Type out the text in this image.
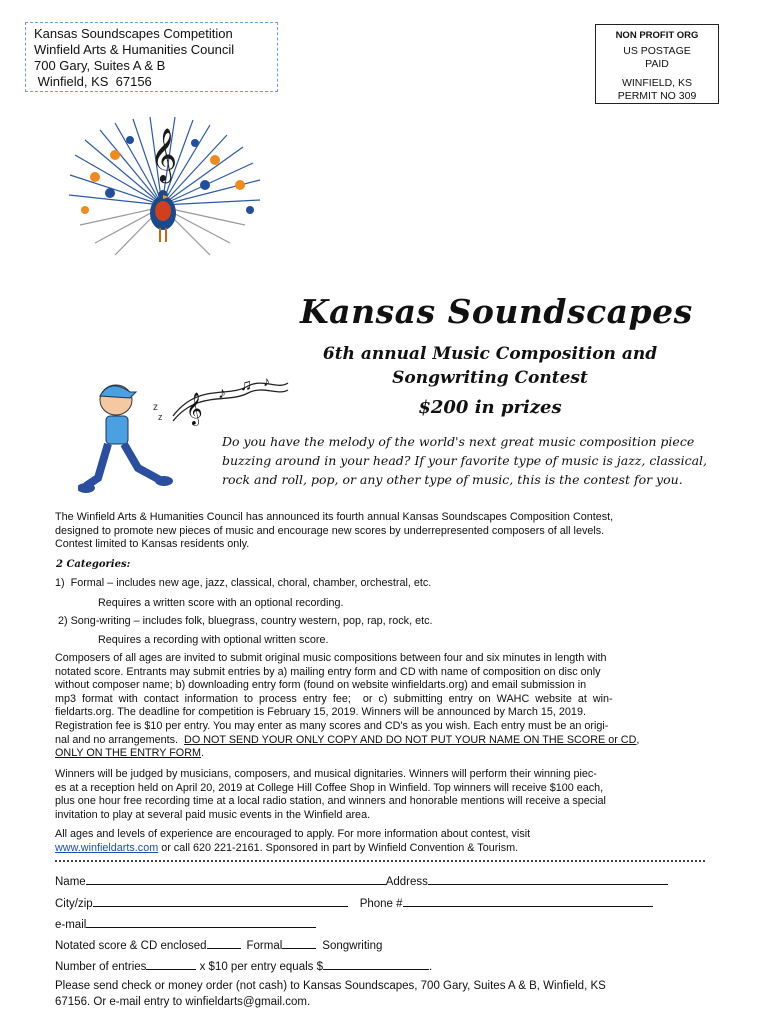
Kansas Soundscapes Competition
Winfield Arts & Humanities Council
700 Gary, Suites A & B
Winfield, KS  67156
NON PROFIT ORG
US POSTAGE
PAID
WINFIELD, KS
PERMIT NO 309
𝄞
Kansas Soundscapes
6th annual Music Composition and
Songwriting Contest
$200 in prizes
𝄞 ♪ ♫ ♪
z
z
Do you have the melody of the world's next great music composition piece
buzzing around in your head? If your favorite type of music is jazz, classical,
rock and roll, pop, or any other type of music, this is the contest for you.
The Winfield Arts & Humanities Council has announced its fourth annual Kansas Soundscapes Composition Contest,
designed to promote new pieces of music and encourage new scores by underrepresented composers of all levels.
Contest limited to Kansas residents only.
2 Categories:
1)  Formal – includes new age, jazz, classical, choral, chamber, orchestral, etc.
Requires a written score with an optional recording.
2) Song-writing – includes folk, bluegrass, country western, pop, rap, rock, etc.
Requires a recording with optional written score.
Composers of all ages are invited to submit original music compositions between four and six minutes in length with
notated score. Entrants may submit entries by a) mailing entry form and CD with name of composition on disc only
without composer name; b) downloading entry form (found on website winfieldarts.org) and email submission in
mp3  format  with  contact  information  to  process  entry  fee;    or  c)  submitting  entry  on  WAHC  website  at  win-
fieldarts.org. The deadline for competition is February 15, 2019. Winners will be announced by March 15, 2019.
Registration fee is $10 per entry. You may enter as many scores and CD's as you wish. Each entry must be an origi-
nal and no arrangements.  DO NOT SEND YOUR ONLY COPY AND DO NOT PUT YOUR NAME ON THE SCORE or CD,
ONLY ON THE ENTRY FORM.
Winners will be judged by musicians, composers, and musical dignitaries. Winners will perform their winning piec-
es at a reception held on April 20, 2019 at College Hill Coffee Shop in Winfield. Top winners will receive $100 each,
plus one hour free recording time at a local radio station, and winners and honorable mentions will receive a special
invitation to play at several paid music events in the Winfield area.
All ages and levels of experience are encouraged to apply. For more information about contest, visit
www.winfieldarts.com or call 620 221-2161. Sponsored in part by Winfield Convention & Tourism.
Name	Address
City/zip	Phone #
e-mail
Notated score & CD enclosed	Formal	Songwriting
Number of entries	x $10 per entry equals $	.
Please send check or money order (not cash) to Kansas Soundscapes, 700 Gary, Suites A & B, Winfield, KS
67156. Or e-mail entry to winfieldarts@gmail.com.
